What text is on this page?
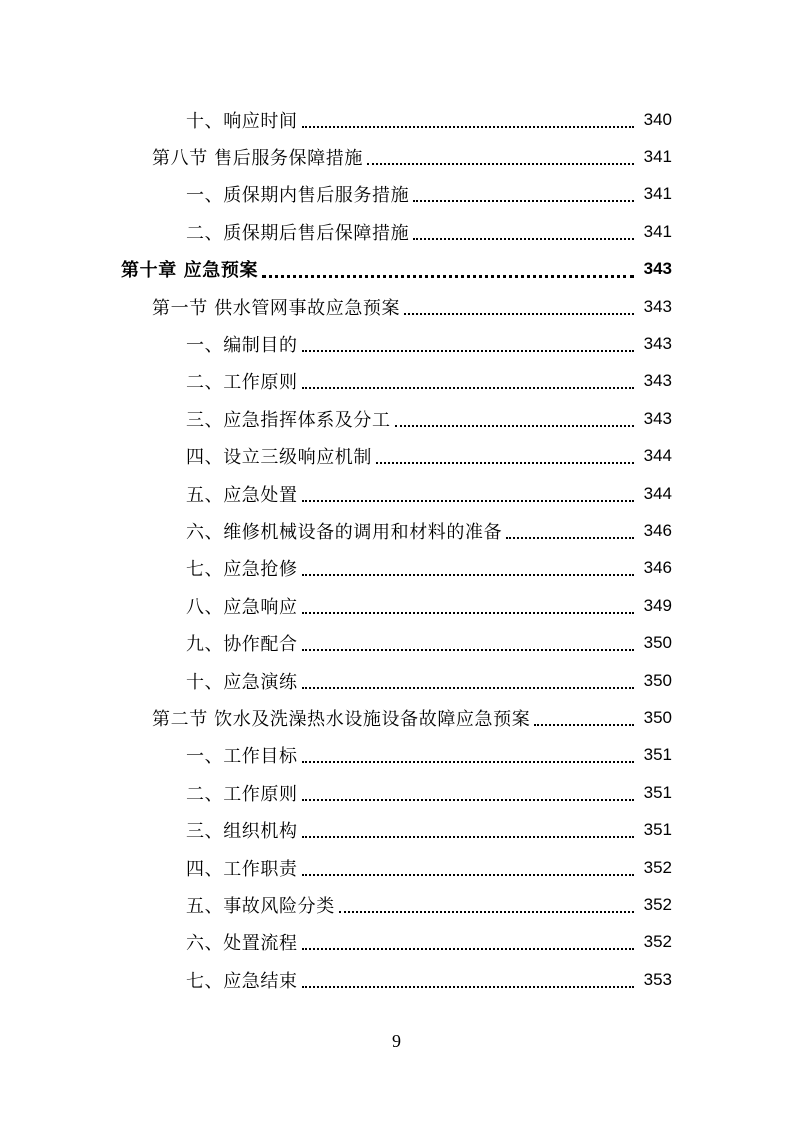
十、响应时间	340
第八节 售后服务保障措施	341
一、质保期内售后服务措施	341
二、质保期后售后保障措施	341
第十章 应急预案	343
第一节 供水管网事故应急预案	343
一、编制目的	343
二、工作原则	343
三、应急指挥体系及分工	343
四、设立三级响应机制	344
五、应急处置	344
六、维修机械设备的调用和材料的准备	346
七、应急抢修	346
八、应急响应	349
九、协作配合	350
十、应急演练	350
第二节 饮水及洗澡热水设施设备故障应急预案	350
一、工作目标	351
二、工作原则	351
三、组织机构	351
四、工作职责	352
五、事故风险分类	352
六、处置流程	352
七、应急结束	353
9
